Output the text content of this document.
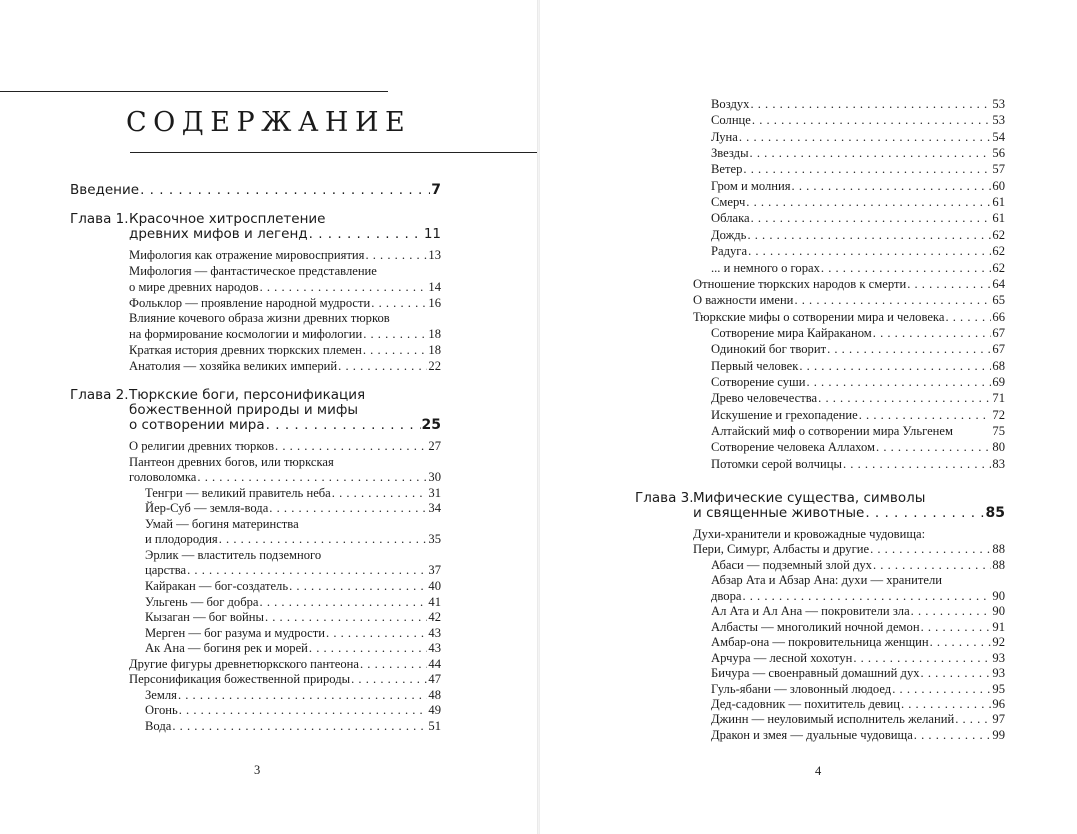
СОДЕРЖАНИЕ
Введение . . .	7
Глава 1. Красочное хитросплетение
древних мифов и легенд . . .	11
Мифология как отражение мировосприятия . . .	13
Мифология — фантастическое представление
о мире древних народов . . .	14
Фольклор — проявление народной мудрости . . .	16
Влияние кочевого образа жизни древних тюрков
на формирование космологии и мифологии . . .	18
Краткая история древних тюркских племен . . .	18
Анатолия — хозяйка великих империй . . .	22
Глава 2. Тюркские боги, персонификация
божественной природы и мифы
о сотворении мира . . .	25
О религии древних тюрков . . .	27
Пантеон древних богов, или тюркская
головоломка . . .	30
Тенгри — великий правитель неба . . .	31
Йер-Суб — земля-вода . . .	34
Умай — богиня материнства
и плодородия . . .	35
Эрлик — властитель подземного
царства . . .	37
Кайракан — бог-создатель . . .	40
Ульгень — бог добра . . .	41
Кызаган — бог войны . . .	42
Мерген — бог разума и мудрости . . .	43
Ак Ана — богиня рек и морей . . .	43
Другие фигуры древнетюркского пантеона . . .	44
Персонификация божественной природы . . .	47
Земля . . .	48
Огонь . . .	49
Вода . . .	51
3
Воздух . . .	53
Солнце . . .	53
Луна . . .	54
Звезды . . .	56
Ветер . . .	57
Гром и молния . . .	60
Смерч . . .	61
Облака . . .	61
Дождь . . .	62
Радуга . . .	62
... и немного о горах . . .	62
Отношение тюркских народов к смерти . . .	64
О важности имени . . .	65
Тюркские мифы о сотворении мира и человека . . .	66
Сотворение мира Кайраканом . . .	67
Одинокий бог творит . . .	67
Первый человек . . .	68
Сотворение суши . . .	69
Древо человечества . . .	71
Искушение и грехопадение . . .	72
Алтайский миф о сотворении мира Ульгенем	75
Сотворение человека Аллахом . . .	80
Потомки серой волчицы . . .	83
Глава 3. Мифические существа, символы
и священные животные . . .	85
Духи-хранители и кровожадные чудовища:
Пери, Симург, Албасты и другие . . .	88
Абаси — подземный злой дух . . .	88
Абзар Ата и Абзар Ана: духи — хранители
двора . . .	90
Ал Ата и Ал Ана — покровители зла . . .	90
Албасты — многоликий ночной демон . . .	91
Амбар-она — покровительница женщин . . .	92
Арчура — лесной хохотун . . .	93
Бичура — своенравный домашний дух . . .	93
Гуль-ябани — зловонный людоед . . .	95
Дед-садовник — похититель девиц . . .	96
Джинн — неуловимый исполнитель желаний . . .	97
Дракон и змея — дуальные чудовища . . .	99
4
